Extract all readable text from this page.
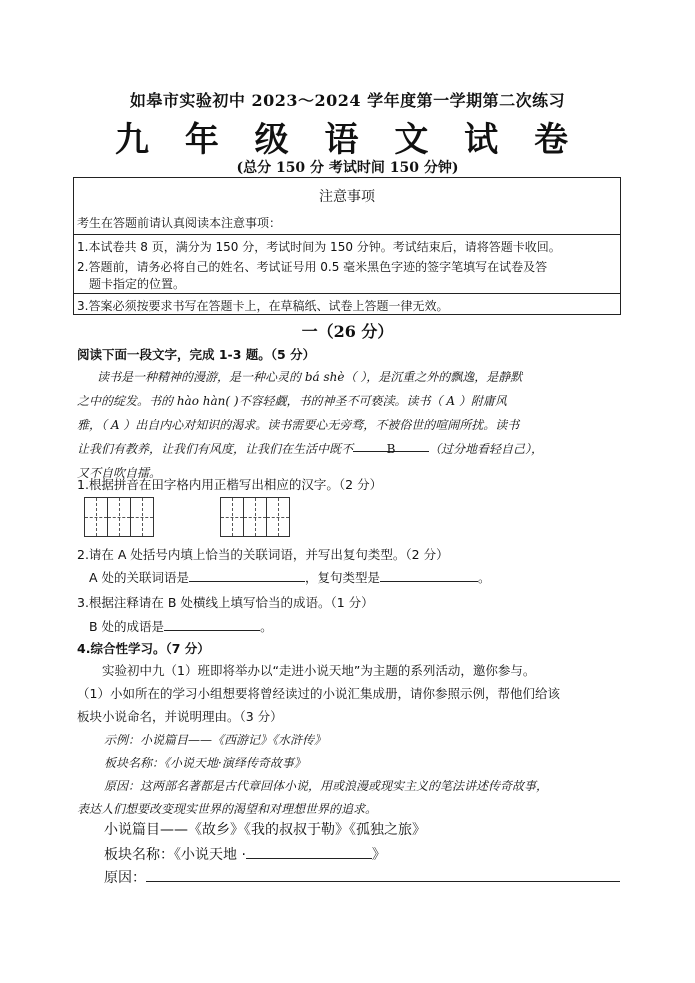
如皋市实验初中 2023～2024 学年度第一学期第二次练习
九 年 级 语 文 试 卷
(总分 150 分 考试时间 150 分钟)
注意事项
考生在答题前请认真阅读本注意事项：
1.本试卷共 8 页，满分为 150 分，考试时间为 150 分钟。考试结束后，请将答题卡收回。
2.答题前，请务必将自己的姓名、考试证号用 0.5 毫米黑色字迹的签字笔填写在试卷及答
题卡指定的位置。
3.答案必须按要求书写在答题卡上，在草稿纸、试卷上答题一律无效。
一（26 分）
阅读下面一段文字，完成 1-3 题。（5 分）
读书是一种精神的漫游，是一种心灵的 bá shè（ ），是沉重之外的飘逸，是静默
之中的绽发。书的 hào hàn( )不容轻觑，书的神圣不可亵渎。读书（ A ）附庸风
雅，（ A ）出自内心对知识的渴求。读书需要心无旁骛，不被俗世的喧闹所扰。读书
让我们有教养，让我们有风度，让我们在生活中既不	B	（过分地看轻自己），
又不自吹自擂。
1.根据拼音在田字格内用正楷写出相应的汉字。（2 分）
2.请在 A 处括号内填上恰当的关联词语，并写出复句类型。（2 分）
A 处的关联词语是	，复句类型是	。
3.根据注释请在 B 处横线上填写恰当的成语。（1 分）
B 处的成语是	。
4.综合性学习。（7 分）
实验初中九（1）班即将举办以“走进小说天地”为主题的系列活动，邀你参与。
（1）小如所在的学习小组想要将曾经读过的小说汇集成册，请你参照示例，帮他们给该
板块小说命名，并说明理由。（3 分）
示例：小说篇目——《西游记》《水浒传》
板块名称：《小说天地·演绎传奇故事》
原因：这两部名著都是古代章回体小说，用或浪漫或现实主义的笔法讲述传奇故事，
表达人们想要改变现实世界的渴望和对理想世界的追求。
小说篇目——《故乡》《我的叔叔于勒》《孤独之旅》
板块名称：《小说天地 ·	》
原因：
